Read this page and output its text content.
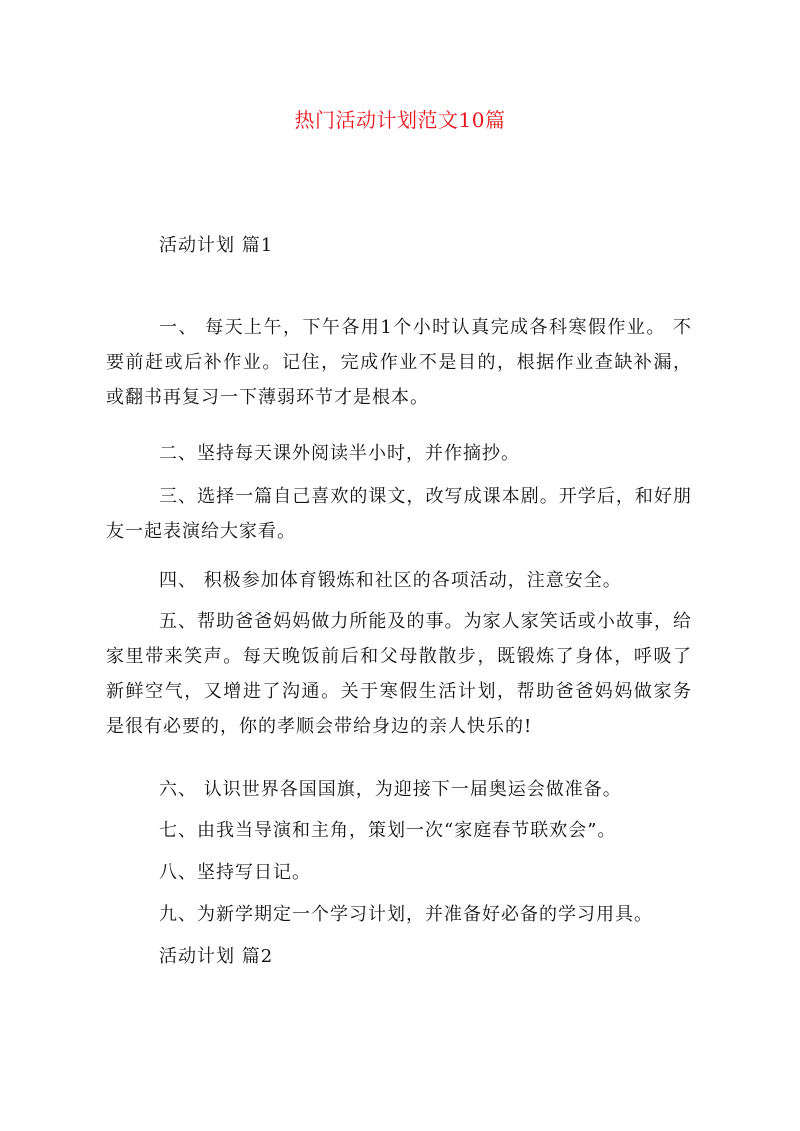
热门活动计划范文10篇
活动计划 篇1

一、 每天上午，下午各用1个小时认真完成各科寒假作业。 不要前赶或后补作业。记住，完成作业不是目的，根据作业查缺补漏，或翻书再复习一下薄弱环节才是根本。

二、坚持每天课外阅读半小时，并作摘抄。

三、选择一篇自己喜欢的课文，改写成课本剧。开学后，和好朋友一起表演给大家看。

四、 积极参加体育锻炼和社区的各项活动，注意安全。

五、帮助爸爸妈妈做力所能及的事。为家人家笑话或小故事，给家里带来笑声。每天晚饭前后和父母散散步，既锻炼了身体，呼吸了新鲜空气，又增进了沟通。关于寒假生活计划，帮助爸爸妈妈做家务是很有必要的，你的孝顺会带给身边的亲人快乐的!

六、 认识世界各国国旗，为迎接下一届奥运会做准备。

七、由我当导演和主角，策划一次“家庭春节联欢会”。

八、坚持写日记。

九、为新学期定一个学习计划，并准备好必备的学习用具。

活动计划 篇2
